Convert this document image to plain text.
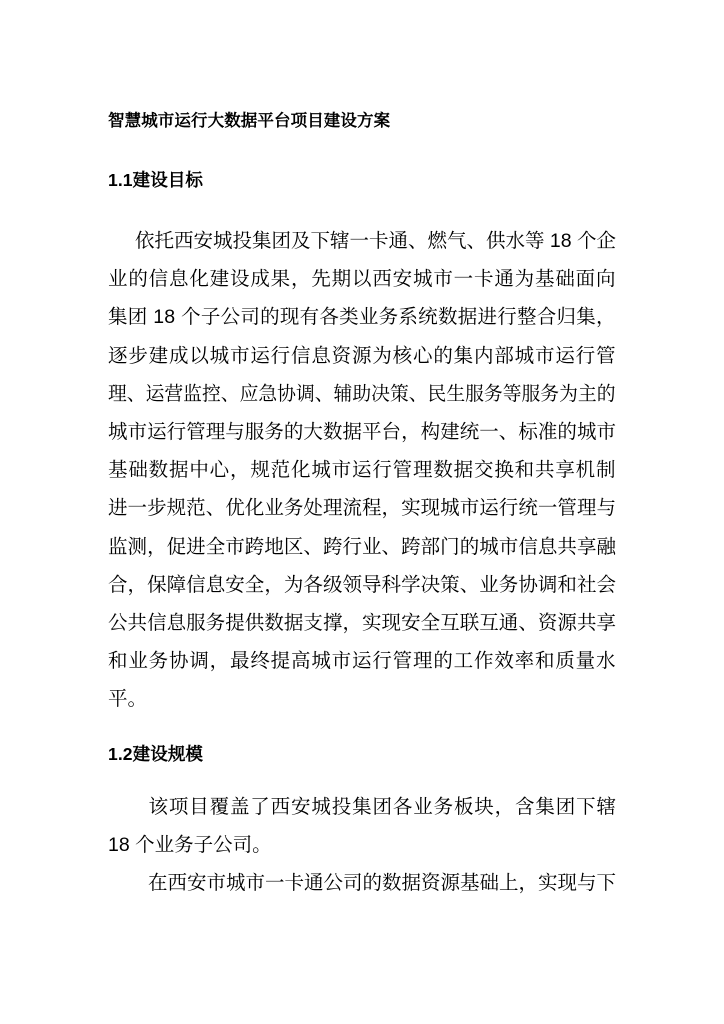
智慧城市运行大数据平台项目建设方案
1.1建设目标
依托西安城投集团及下辖一卡通、燃气、供水等 18 个企
业的信息化建设成果，先期以西安城市一卡通为基础面向
集团 18 个子公司的现有各类业务系统数据进行整合归集，
逐步建成以城市运行信息资源为核心的集内部城市运行管
理、运营监控、应急协调、辅助决策、民生服务等服务为主的
城市运行管理与服务的大数据平台，构建统一、标准的城市
基础数据中心，规范化城市运行管理数据交换和共享机制
进一步规范、优化业务处理流程，实现城市运行统一管理与
监测，促进全市跨地区、跨行业、跨部门的城市信息共享融
合，保障信息安全，为各级领导科学决策、业务协调和社会
公共信息服务提供数据支撑，实现安全互联互通、资源共享
和业务协调，最终提高城市运行管理的工作效率和质量水
平。
1.2建设规模
该项目覆盖了西安城投集团各业务板块，含集团下辖
18 个业务子公司。
在西安市城市一卡通公司的数据资源基础上，实现与下
